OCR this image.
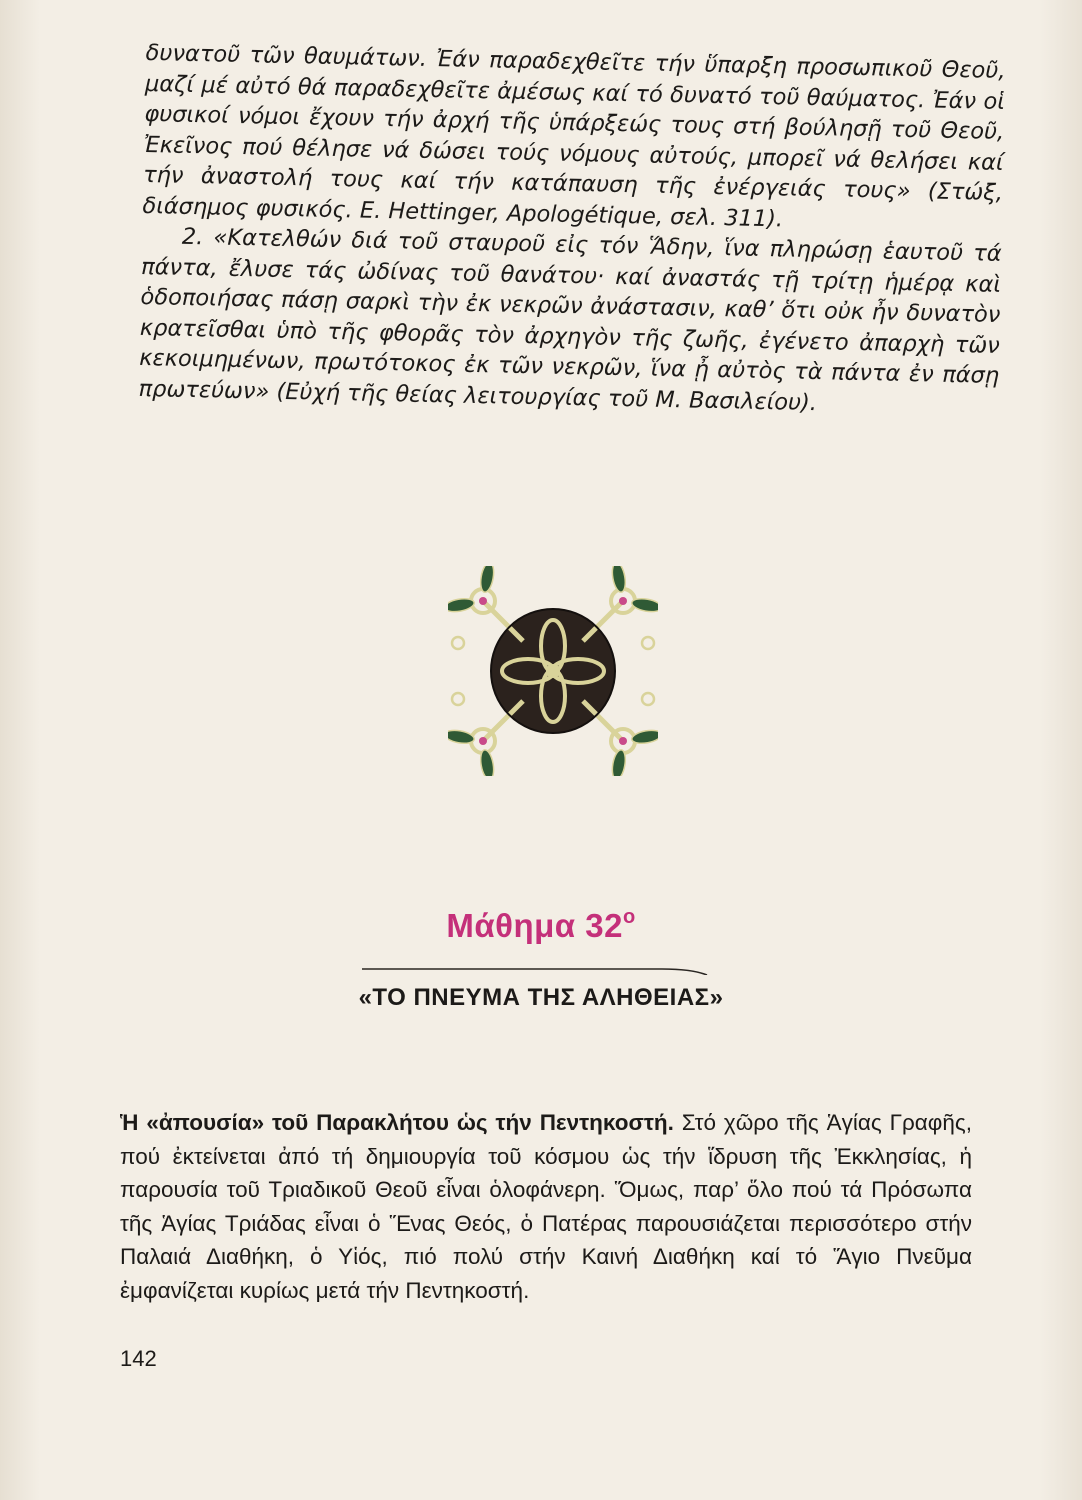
δυνατοῦ τῶν θαυμάτων. Ἐάν παραδεχθεῖτε τήν ὕπαρξη προσωπικοῦ Θεοῦ, μαζί μέ αὐτό θά παραδεχθεῖτε ἀμέσως καί τό δυνατό τοῦ θαύματος. Ἐάν οἱ φυσικοί νόμοι ἔχουν τήν ἀρχή τῆς ὑπάρξεώς τους στή βούλησῇ τοῦ Θεοῦ, Ἐκεῖνος πού θέλησε νά δώσει τούς νόμους αὐτούς, μπορεῖ νά θελήσει καί τήν ἀναστολή τους καί τήν κατάπαυση τῆς ἐνέργειάς τους» (Στώξ, διάσημος φυσικός. E. Hettinger, Apologétique, σελ. 311).

2. «Κατελθών διά τοῦ σταυροῦ εἰς τόν Ἅδην, ἵνα πληρώσῃ ἑαυτοῦ τά πάντα, ἔλυσε τάς ὠδίνας τοῦ θανάτου· καί ἀναστάς τῇ τρίτῃ ἡμέρᾳ καὶ ὁδοποιήσας πάσῃ σαρκὶ τὴν ἐκ νεκρῶν ἀνάστασιν, καθ’ ὅτι οὐκ ἦν δυνατὸν κρατεῖσθαι ὑπὸ τῆς φθορᾶς τὸν ἀρχηγὸν τῆς ζωῆς, ἐγένετο ἀπαρχὴ τῶν κεκοιμημένων, πρωτότοκος ἐκ τῶν νεκρῶν, ἵνα ᾖ αὐτὸς τὰ πάντα ἐν πάσῃ πρωτεύων» (Εὐχή τῆς θείας λειτουργίας τοῦ Μ. Βασιλείου).

Μάθημα $32^o$
«ΤΟ ΠΝΕΥΜΑ ΤΗΣ ΑΛΗΘΕΙΑΣ»
Ἡ «ἀπουσία» τοῦ Παρακλήτου ὡς τήν Πεντηκοστή. Στό χῶρο τῆς Ἁγίας Γραφῆς, πού ἐκτείνεται ἀπό τή δημιουργία τοῦ κόσμου ὡς τήν ἵδρυση τῆς Ἐκκλησίας, ἡ παρουσία τοῦ Τριαδικοῦ Θεοῦ εἶναι ὁλοφάνερη. Ὅμως, παρ’ ὅλο πού τά Πρόσωπα τῆς Ἁγίας Τριάδας εἶναι ὁ Ἕνας Θεός, ὁ Πατέρας παρουσιάζεται περισσότερο στήν Παλαιά Διαθήκη, ὁ Υἱός, πιό πολύ στήν Καινή Διαθήκη καί τό Ἅγιο Πνεῦμα ἐμφανίζεται κυρίως μετά τήν Πεντηκοστή.
142
